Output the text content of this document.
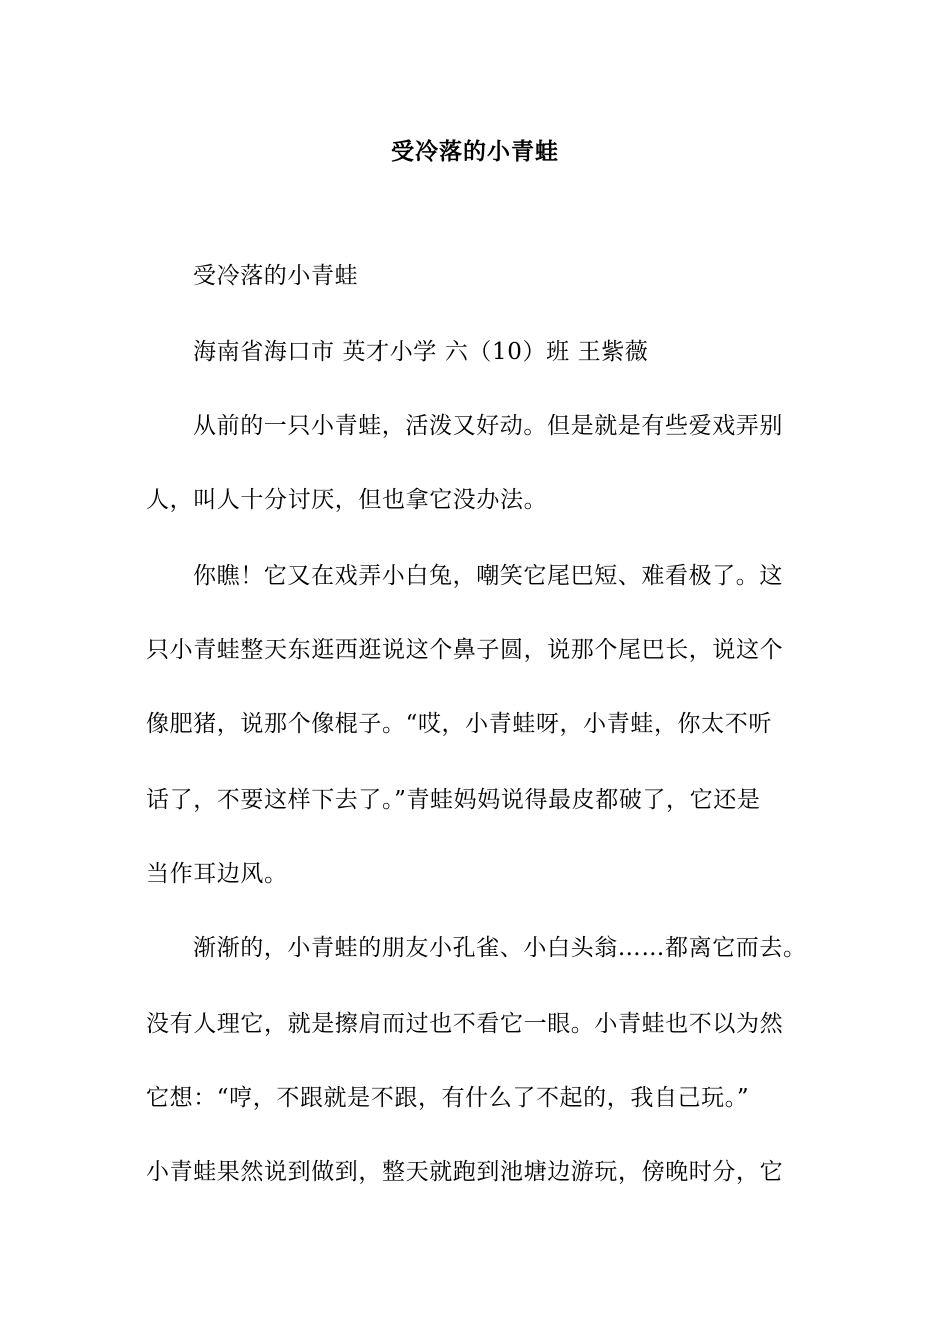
受冷落的小青蛙
受冷落的小青蛙
海南省海口市 英才小学 六（10）班 王紫薇
从前的一只小青蛙，活泼又好动。但是就是有些爱戏弄别
人，叫人十分讨厌，但也拿它没办法。
你瞧！它又在戏弄小白兔，嘲笑它尾巴短、难看极了。这
只小青蛙整天东逛西逛说这个鼻子圆，说那个尾巴长，说这个
像肥猪，说那个像棍子。“哎，小青蛙呀，小青蛙，你太不听
话了，不要这样下去了。”青蛙妈妈说得最皮都破了，它还是
当作耳边风。
渐渐的，小青蛙的朋友小孔雀、小白头翁……都离它而去。
没有人理它，就是擦肩而过也不看它一眼。小青蛙也不以为然
它想：“哼，不跟就是不跟，有什么了不起的，我自己玩。”
小青蛙果然说到做到，整天就跑到池塘边游玩，傍晚时分，它
